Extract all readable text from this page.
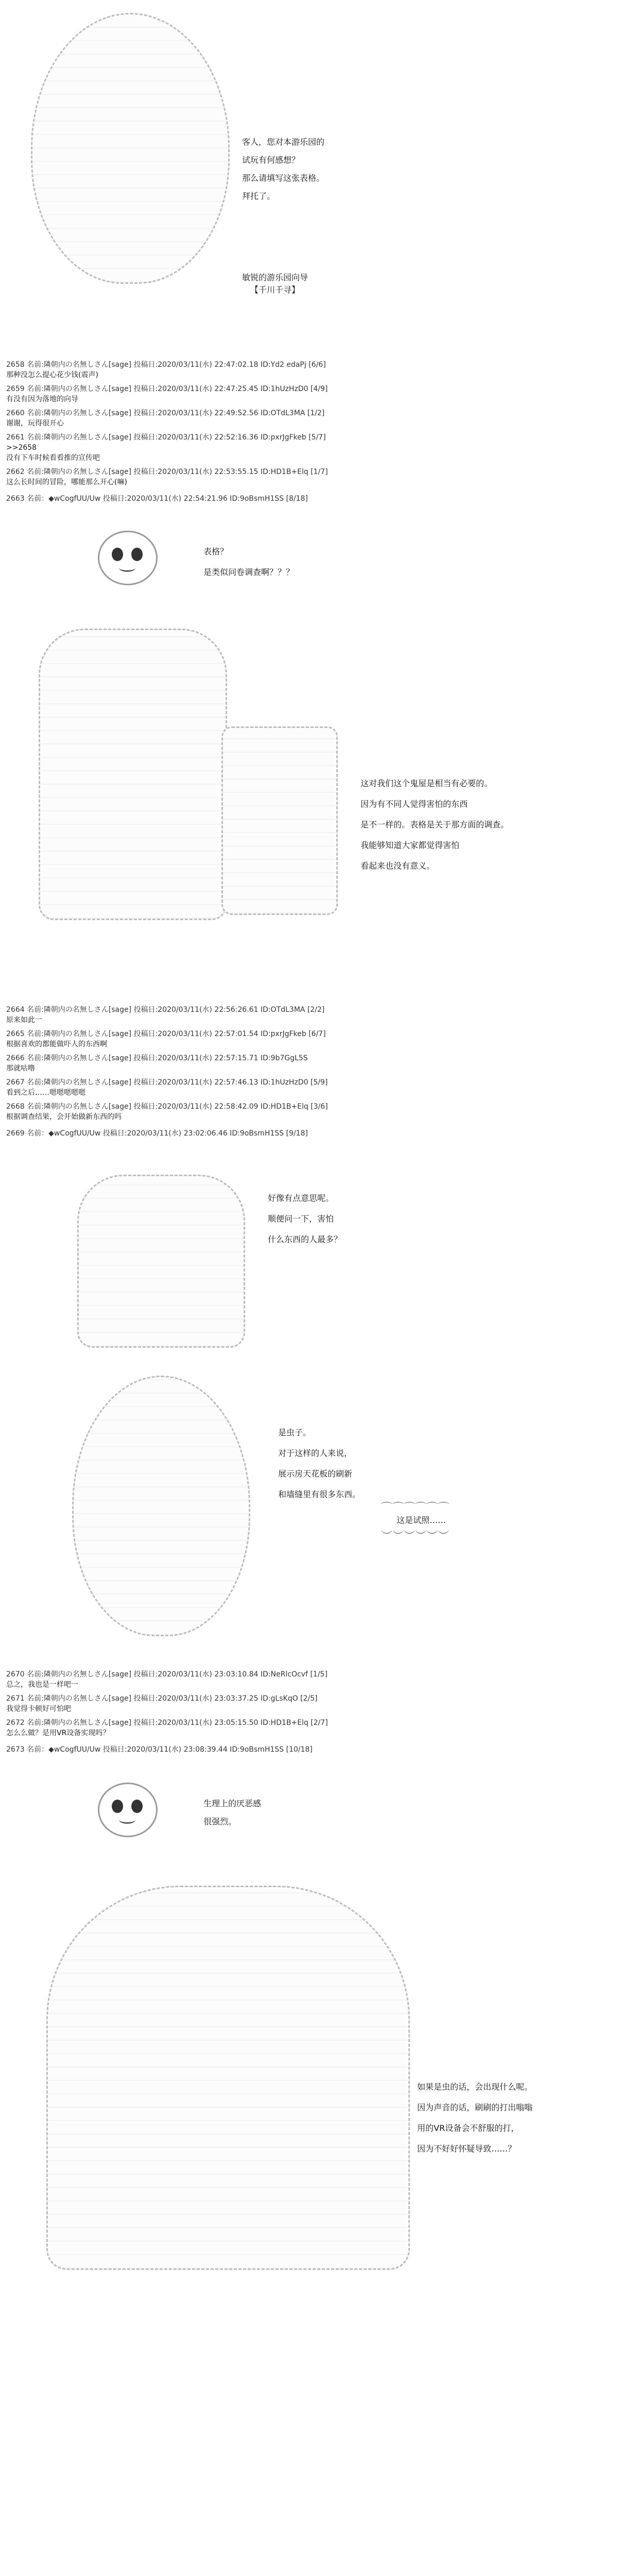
客人，您对本游乐园的
试玩有何感想？
那么请填写这张表格。
拜托了。
敏锐的游乐园向导
【千川千寻】
2658 名前:隣朝内の名無しさん[sage] 投稿日:2020/03/11(水) 22:47:02.18 ID:Yd2 edaPj [6/6]
那种没怎么提心花少钱(震声)
2659 名前:隣朝内の名無しさん[sage] 投稿日:2020/03/11(水) 22:47:25.45 ID:1hUzHzD0 [4/9]
有没有因为落地的向导
2660 名前:隣朝内の名無しさん[sage] 投稿日:2020/03/11(水) 22:49:52.56 ID:OTdL3MA [1/2]
谢谢，玩得很开心
2661 名前:隣朝内の名無しさん[sage] 投稿日:2020/03/11(水) 22:52:16.36 ID:pxrJgFkeb [5/7]
>>2658
没有下车时候看看推的宣传吧
2662 名前:隣朝内の名無しさん[sage] 投稿日:2020/03/11(水) 22:53:55.15 ID:HD1B+Elq [1/7]
这么长时间的冒险，哪能那么开心(嘛)
2663 名前：◆wCogfUU/Uw 投稿日:2020/03/11(水) 22:54:21.96 ID:9oBsmH1SS [8/18]
表格？
是类似问卷调查啊？？？
这对我们这个鬼屋是相当有必要的。
因为有不同人觉得害怕的东西
是不一样的。表格是关于那方面的调查。
我能够知道大家都觉得害怕
看起来也没有意义。
2664 名前:隣朝内の名無しさん[sage] 投稿日:2020/03/11(水) 22:56:26.61 ID:OTdL3MA [2/2]
原来如此一
2665 名前:隣朝内の名無しさん[sage] 投稿日:2020/03/11(水) 22:57:01.54 ID:pxrJgFkeb [6/7]
根据喜欢的都能做吓人的东西啊
2666 名前:隣朝内の名無しさん[sage] 投稿日:2020/03/11(水) 22:57:15.71 ID:9b7GgL5S
那就咕噜
2667 名前:隣朝内の名無しさん[sage] 投稿日:2020/03/11(水) 22:57:46.13 ID:1hUzHzD0 [5/9]
看到之后……嗯嗯嗯嗯嗯
2668 名前:隣朝内の名無しさん[sage] 投稿日:2020/03/11(水) 22:58:42.09 ID:HD1B+Elq [3/6]
根据调查结果，会开始做新东西的吗
2669 名前：◆wCogfUU/Uw 投稿日:2020/03/11(水) 23:02:06.46 ID:9oBsmH1SS [9/18]
好像有点意思呢。
顺便问一下，害怕
什么东西的人最多？
是虫子。
对于这样的人来说，
展示房天花板的刷新
和墙缝里有很多东西。
⌒⌒⌒⌒⌒⌒
这是试照……
︶︶︶︶︶︶
2670 名前:隣朝内の名無しさん[sage] 投稿日:2020/03/11(水) 23:03:10.84 ID:NeRlcOcvf [1/5]
总之，我也是一样吧一
2671 名前:隣朝内の名無しさん[sage] 投稿日:2020/03/11(水) 23:03:37.25 ID:gLsKqO [2/5]
我觉得卡顿好可怕吧
2672 名前:隣朝内の名無しさん[sage] 投稿日:2020/03/11(水) 23:05:15.50 ID:HD1B+Elq [2/7]
怎么么做？是用VR设备实现吗？
2673 名前：◆wCogfUU/Uw 投稿日:2020/03/11(水) 23:08:39.44 ID:9oBsmH1SS [10/18]
生理上的厌恶感
很强烈。
如果是虫的话，会出现什么呢。
因为声音的话，刷刷的打出嗡嗡
用的VR设备会不舒服的打，
因为不好好怀疑导致……？
